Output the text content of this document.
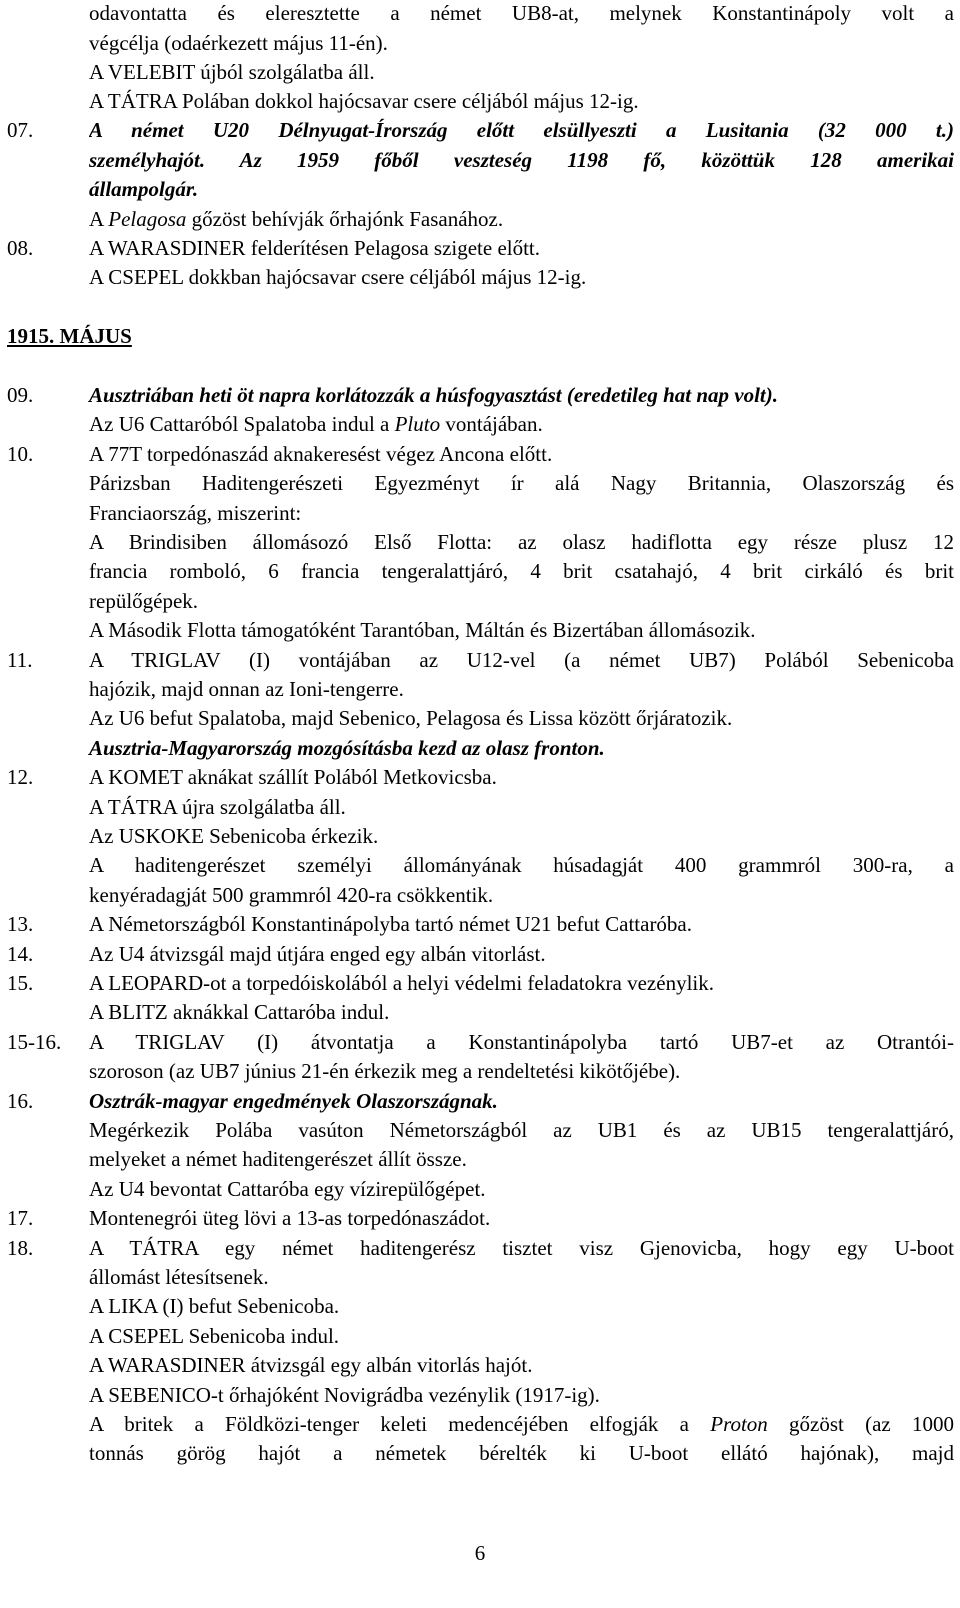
odavontatta és eleresztette a német UB8-at, melynek Konstantinápoly volt a
végcélja (odaérkezett május 11-én).
A VELEBIT újból szolgálatba áll.
A TÁTRA Polában dokkol hajócsavar csere céljából május 12-ig.
07.	A német U20 Délnyugat-Írország előtt elsüllyeszti a Lusitania (32 000 t.)
személyhajót. Az 1959 főből veszteség 1198 fő, közöttük 128 amerikai
állampolgár.
A Pelagosa gőzöst behívják őrhajónk Fasanához.
08.	A WARASDINER felderítésen Pelagosa szigete előtt.
A CSEPEL dokkban hajócsavar csere céljából május 12-ig.
1915. MÁJUS
09.	Ausztriában heti öt napra korlátozzák a húsfogyasztást (eredetileg hat nap volt).
Az U6 Cattaróból Spalatoba indul a Pluto vontájában.
10.	A 77T torpedónaszád aknakeresést végez Ancona előtt.
Párizsban Haditengerészeti Egyezményt ír alá Nagy Britannia, Olaszország és
Franciaország, miszerint:
A Brindisiben állomásozó Első Flotta: az olasz hadiflotta egy része plusz 12
francia romboló, 6 francia tengeralattjáró, 4 brit csatahajó, 4 brit cirkáló és brit
repülőgépek.
A Második Flotta támogatóként Tarantóban, Máltán és Bizertában állomásozik.
11.	A TRIGLAV (I) vontájában az U12-vel (a német UB7) Polából Sebenicoba
hajózik, majd onnan az Ioni-tengerre.
Az U6 befut Spalatoba, majd Sebenico, Pelagosa és Lissa között őrjáratozik.
Ausztria-Magyarország mozgósításba kezd az olasz fronton.
12.	A KOMET aknákat szállít Polából Metkovicsba.
A TÁTRA újra szolgálatba áll.
Az USKOKE Sebenicoba érkezik.
A haditengerészet személyi állományának húsadagját 400 grammról 300-ra, a
kenyéradagját 500 grammról 420-ra csökkentik.
13.	A Németországból Konstantinápolyba tartó német U21 befut Cattaróba.
14.	Az U4 átvizsgál majd útjára enged egy albán vitorlást.
15.	A LEOPARD-ot a torpedóiskolából a helyi védelmi feladatokra vezénylik.
A BLITZ aknákkal Cattaróba indul.
15-16. A TRIGLAV (I) átvontatja a Konstantinápolyba tartó UB7-et az Otrantói-
szoroson (az UB7 június 21-én érkezik meg a rendeltetési kikötőjébe).
16.	Osztrák-magyar engedmények Olaszországnak.
Megérkezik Polába vasúton Németországból az UB1 és az UB15 tengeralattjáró,
melyeket a német haditengerészet állít össze.
Az U4 bevontat Cattaróba egy vízirepülőgépet.
17.	Montenegrói üteg lövi a 13-as torpedónaszádot.
18.	A TÁTRA egy német haditengerész tisztet visz Gjenovicba, hogy egy U-boot
állomást létesítsenek.
A LIKA (I) befut Sebenicoba.
A CSEPEL Sebenicoba indul.
A WARASDINER átvizsgál egy albán vitorlás hajót.
A SEBENICO-t őrhajóként Novigrádba vezénylik (1917-ig).
A britek a Földközi-tenger keleti medencéjében elfogják a Proton gőzöst (az 1000
tonnás görög hajót a németek bérelték ki U-boot ellátó hajónak), majd
6
